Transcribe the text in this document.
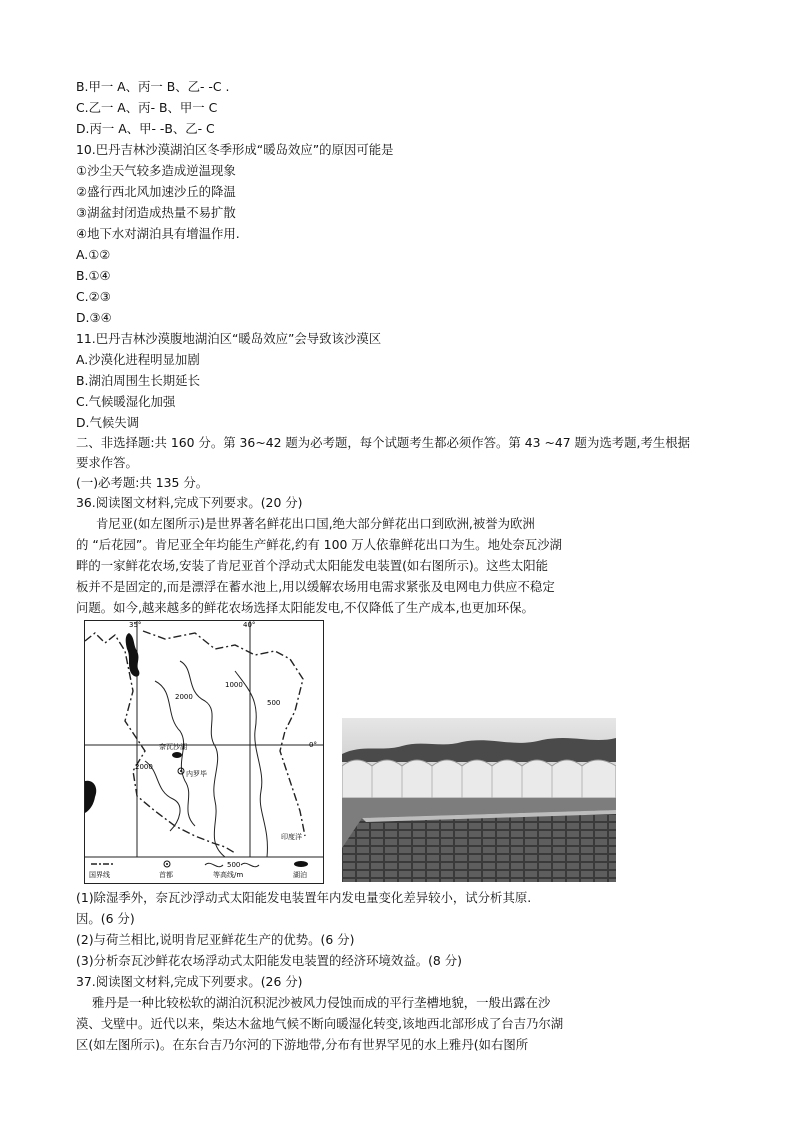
B.甲一 A、丙一 B、乙- -C .
C.乙一 A、丙- B、甲一 C
D.丙一 A、甲- -B、乙- C
10.巴丹吉林沙漠湖泊区冬季形成“暖岛效应”的原因可能是
①沙尘天气较多造成逆温现象
②盛行西北风加速沙丘的降温
③湖盆封闭造成热量不易扩散
④地下水对湖泊具有增温作用.
A.①②
B.①④
C.②③
D.③④
11.巴丹吉林沙漠腹地湖泊区“暖岛效应”会导致该沙漠区
A.沙漠化进程明显加剧
B.湖泊周围生长期延长
C.气候暖湿化加强
D.气候失调
二、非选择题:共 160 分。第 36~42 题为必考题，每个试题考生都必须作答。第 43 ~47 题为选考题,考生根据
要求作答。
(一)必考题:共 135 分。
36.阅读图文材料,完成下列要求。(20 分)
肯尼亚(如左图所示)是世界著名鲜花出口国,绝大部分鲜花出口到欧洲,被誉为欧洲
的 “后花园”。肯尼亚全年均能生产鲜花,约有 100 万人依靠鲜花出口为生。地处奈瓦沙湖
畔的一家鲜花农场,安装了肯尼亚首个浮动式太阳能发电装置(如右图所示)。这些太阳能
板并不是固定的,而是漂浮在蓄水池上,用以缓解农场用电需求紧张及电网电力供应不稳定
问题。如今,越来越多的鲜花农场选择太阳能发电,不仅降低了生产成本,也更加环保。
35°	40°
0°
2000
1000
500
2000
奈瓦沙湖
内罗毕
印度洋
国界线	首都
500
等高线/m	湖泊
(1)除湿季外，奈瓦沙浮动式太阳能发电装置年内发电量变化差异较小，试分析其原.
因。(6 分)
(2)与荷兰相比,说明肯尼亚鲜花生产的优势。(6 分)
(3)分析奈瓦沙鲜花农场浮动式太阳能发电装置的经济环境效益。(8 分)
37.阅读图文材料,完成下列要求。(26 分)
雅丹是一种比较松软的湖泊沉积泥沙被风力侵蚀而成的平行垄槽地貌，一般出露在沙
漠、戈壁中。近代以来，柴达木盆地气候不断向暖湿化转变,该地西北部形成了台吉乃尔湖
区(如左图所示)。在东台吉乃尔河的下游地带,分布有世界罕见的水上雅丹(如右图所
